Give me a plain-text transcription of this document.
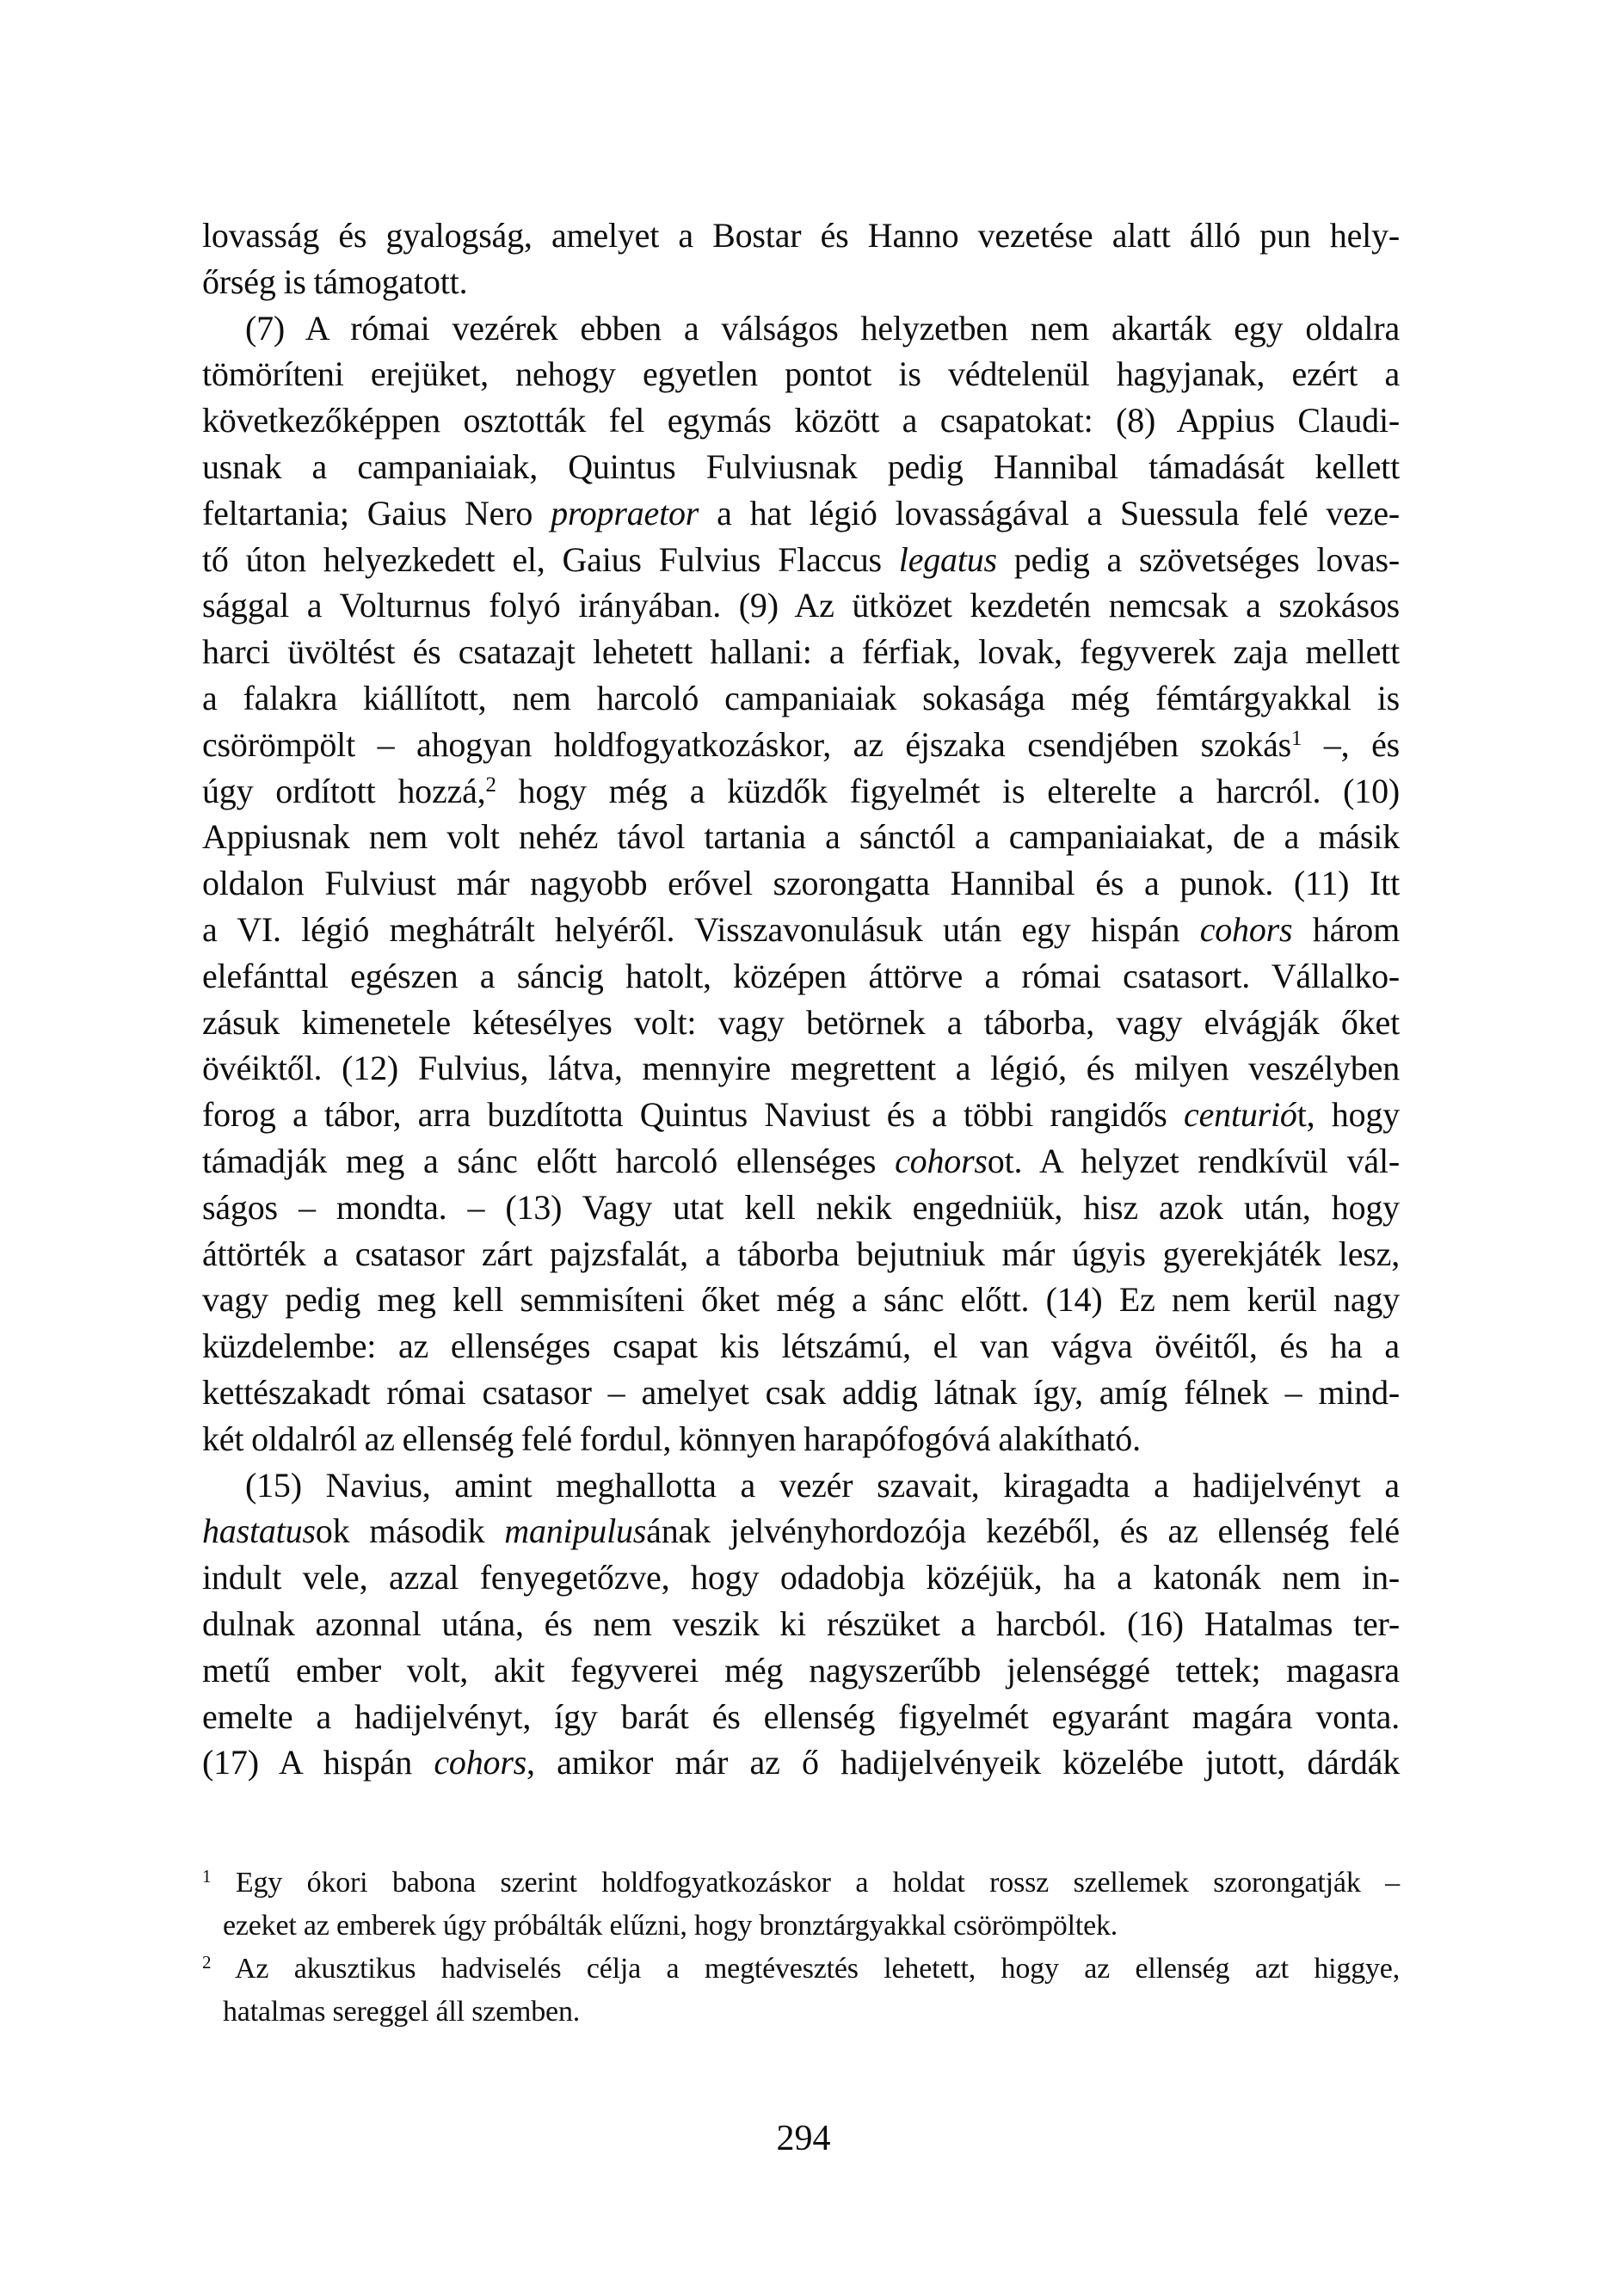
lovasság és gyalogság, amelyet a Bostar és Hanno vezetése alatt álló pun hely-
őrség is támogatott.
(7) A római vezérek ebben a válságos helyzetben nem akarták egy oldalra
tömöríteni erejüket, nehogy egyetlen pontot is védtelenül hagyjanak, ezért a
következőképpen osztották fel egymás között a csapatokat: (8) Appius Claudi-
usnak a campaniaiak, Quintus Fulviusnak pedig Hannibal támadását kellett
feltartania; Gaius Nero propraetor a hat légió lovasságával a Suessula felé veze-
tő úton helyezkedett el, Gaius Fulvius Flaccus legatus pedig a szövetséges lovas-
sággal a Volturnus folyó irányában. (9) Az ütközet kezdetén nemcsak a szokásos
harci üvöltést és csatazajt lehetett hallani: a férfiak, lovak, fegyverek zaja mellett
a falakra kiállított, nem harcoló campaniaiak sokasága még fémtárgyakkal is
csörömpölt – ahogyan holdfogyatkozáskor, az éjszaka csendjében szokás$^1$ –, és
úgy ordított hozzá,$^2$ hogy még a küzdők figyelmét is elterelte a harcról. (10)
Appiusnak nem volt nehéz távol tartania a sánctól a campaniaiakat, de a másik
oldalon Fulviust már nagyobb erővel szorongatta Hannibal és a punok. (11) Itt
a VI. légió meghátrált helyéről. Visszavonulásuk után egy hispán cohors három
elefánttal egészen a sáncig hatolt, középen áttörve a római csatasort. Vállalko-
zásuk kimenetele kétesélyes volt: vagy betörnek a táborba, vagy elvágják őket
övéiktől. (12) Fulvius, látva, mennyire megrettent a légió, és milyen veszélyben
forog a tábor, arra buzdította Quintus Naviust és a többi rangidős centuriót, hogy
támadják meg a sánc előtt harcoló ellenséges cohorsot. A helyzet rendkívül vál-
ságos – mondta. – (13) Vagy utat kell nekik engedniük, hisz azok után, hogy
áttörték a csatasor zárt pajzsfalát, a táborba bejutniuk már úgyis gyerekjáték lesz,
vagy pedig meg kell semmisíteni őket még a sánc előtt. (14) Ez nem kerül nagy
küzdelembe: az ellenséges csapat kis létszámú, el van vágva övéitől, és ha a
kettészakadt római csatasor – amelyet csak addig látnak így, amíg félnek – mind-
két oldalról az ellenség felé fordul, könnyen harapófogóvá alakítható.
(15) Navius, amint meghallotta a vezér szavait, kiragadta a hadijelvényt a
hastatusok második manipulusának jelvényhordozója kezéből, és az ellenség felé
indult vele, azzal fenyegetőzve, hogy odadobja közéjük, ha a katonák nem in-
dulnak azonnal utána, és nem veszik ki részüket a harcból. (16) Hatalmas ter-
metű ember volt, akit fegyverei még nagyszerűbb jelenséggé tettek; magasra
emelte a hadijelvényt, így barát és ellenség figyelmét egyaránt magára vonta.
(17) A hispán cohors, amikor már az ő hadijelvényeik közelébe jutott, dárdák
$^1$ Egy ókori babona szerint holdfogyatkozáskor a holdat rossz szellemek szorongatják –
ezeket az emberek úgy próbálták elűzni, hogy bronztárgyakkal csörömpöltek.
$^2$ Az akusztikus hadviselés célja a megtévesztés lehetett, hogy az ellenség azt higgye,
hatalmas sereggel áll szemben.
294
